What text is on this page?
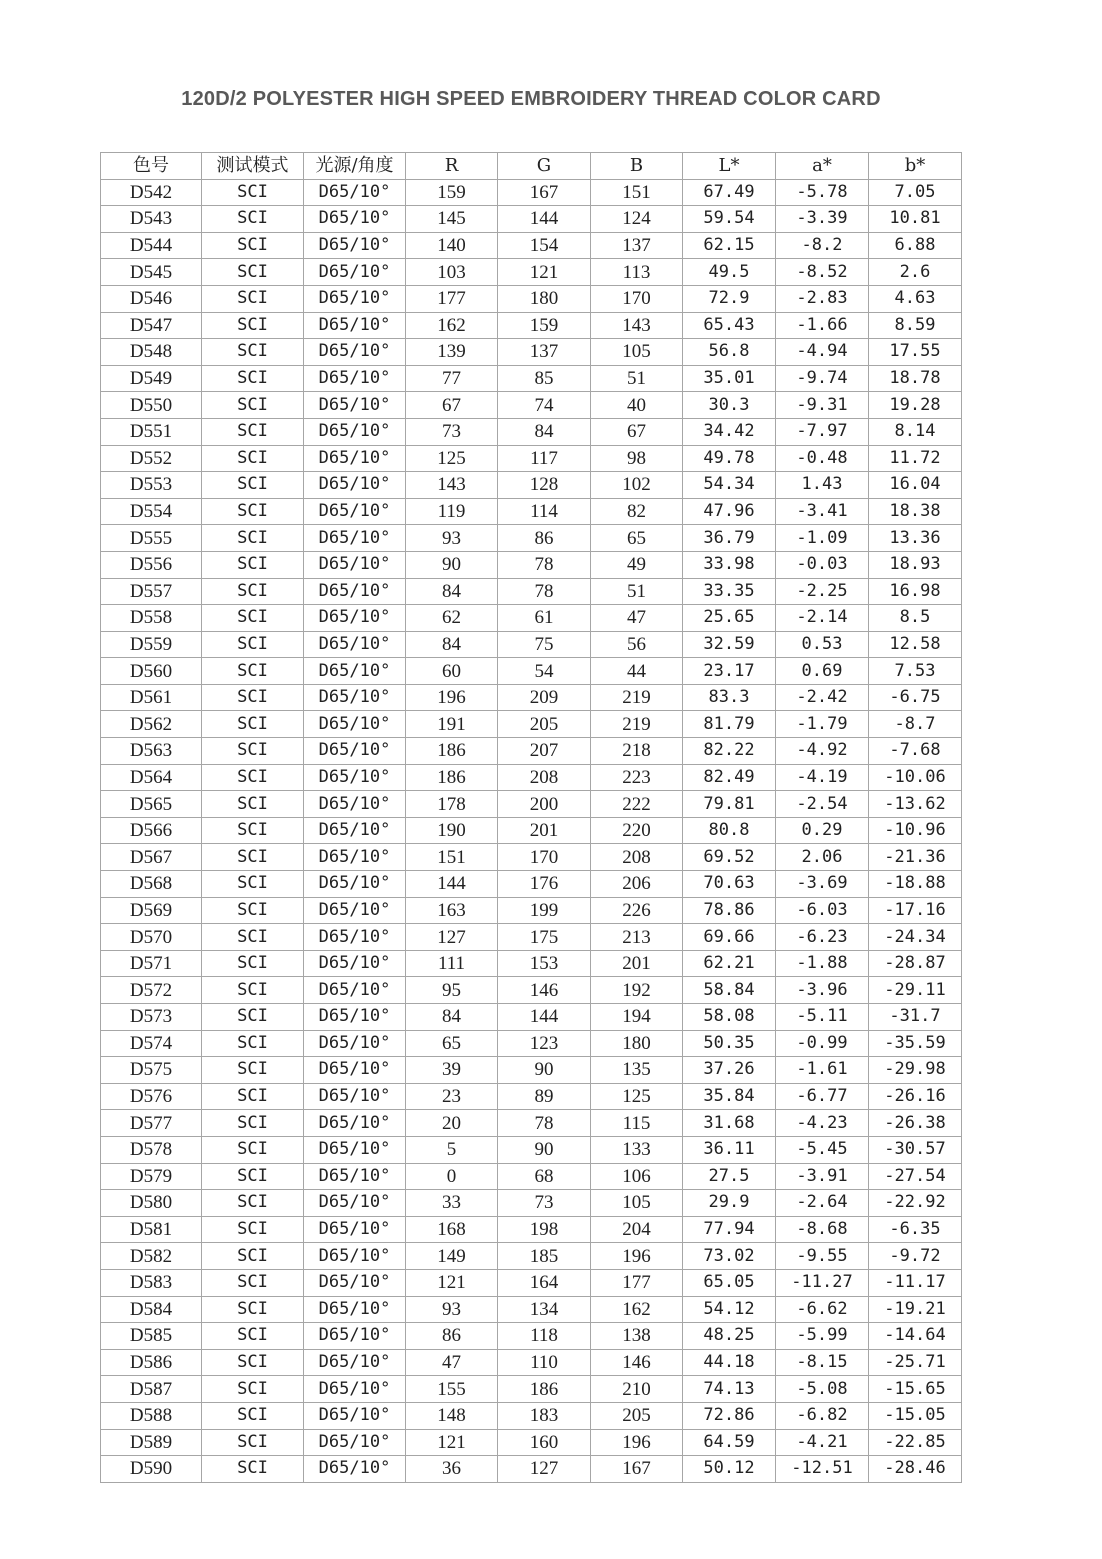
120D/2 POLYESTER HIGH SPEED EMBROIDERY THREAD COLOR CARD
色号	测试模式	光源/角度	R	G	B	L*	a*	b*
D542	SCI	D65/10°	159	167	151	67.49	-5.78	7.05
D543	SCI	D65/10°	145	144	124	59.54	-3.39	10.81
D544	SCI	D65/10°	140	154	137	62.15	-8.2	6.88
D545	SCI	D65/10°	103	121	113	49.5	-8.52	2.6
D546	SCI	D65/10°	177	180	170	72.9	-2.83	4.63
D547	SCI	D65/10°	162	159	143	65.43	-1.66	8.59
D548	SCI	D65/10°	139	137	105	56.8	-4.94	17.55
D549	SCI	D65/10°	77	85	51	35.01	-9.74	18.78
D550	SCI	D65/10°	67	74	40	30.3	-9.31	19.28
D551	SCI	D65/10°	73	84	67	34.42	-7.97	8.14
D552	SCI	D65/10°	125	117	98	49.78	-0.48	11.72
D553	SCI	D65/10°	143	128	102	54.34	1.43	16.04
D554	SCI	D65/10°	119	114	82	47.96	-3.41	18.38
D555	SCI	D65/10°	93	86	65	36.79	-1.09	13.36
D556	SCI	D65/10°	90	78	49	33.98	-0.03	18.93
D557	SCI	D65/10°	84	78	51	33.35	-2.25	16.98
D558	SCI	D65/10°	62	61	47	25.65	-2.14	8.5
D559	SCI	D65/10°	84	75	56	32.59	0.53	12.58
D560	SCI	D65/10°	60	54	44	23.17	0.69	7.53
D561	SCI	D65/10°	196	209	219	83.3	-2.42	-6.75
D562	SCI	D65/10°	191	205	219	81.79	-1.79	-8.7
D563	SCI	D65/10°	186	207	218	82.22	-4.92	-7.68
D564	SCI	D65/10°	186	208	223	82.49	-4.19	-10.06
D565	SCI	D65/10°	178	200	222	79.81	-2.54	-13.62
D566	SCI	D65/10°	190	201	220	80.8	0.29	-10.96
D567	SCI	D65/10°	151	170	208	69.52	2.06	-21.36
D568	SCI	D65/10°	144	176	206	70.63	-3.69	-18.88
D569	SCI	D65/10°	163	199	226	78.86	-6.03	-17.16
D570	SCI	D65/10°	127	175	213	69.66	-6.23	-24.34
D571	SCI	D65/10°	111	153	201	62.21	-1.88	-28.87
D572	SCI	D65/10°	95	146	192	58.84	-3.96	-29.11
D573	SCI	D65/10°	84	144	194	58.08	-5.11	-31.7
D574	SCI	D65/10°	65	123	180	50.35	-0.99	-35.59
D575	SCI	D65/10°	39	90	135	37.26	-1.61	-29.98
D576	SCI	D65/10°	23	89	125	35.84	-6.77	-26.16
D577	SCI	D65/10°	20	78	115	31.68	-4.23	-26.38
D578	SCI	D65/10°	5	90	133	36.11	-5.45	-30.57
D579	SCI	D65/10°	0	68	106	27.5	-3.91	-27.54
D580	SCI	D65/10°	33	73	105	29.9	-2.64	-22.92
D581	SCI	D65/10°	168	198	204	77.94	-8.68	-6.35
D582	SCI	D65/10°	149	185	196	73.02	-9.55	-9.72
D583	SCI	D65/10°	121	164	177	65.05	-11.27	-11.17
D584	SCI	D65/10°	93	134	162	54.12	-6.62	-19.21
D585	SCI	D65/10°	86	118	138	48.25	-5.99	-14.64
D586	SCI	D65/10°	47	110	146	44.18	-8.15	-25.71
D587	SCI	D65/10°	155	186	210	74.13	-5.08	-15.65
D588	SCI	D65/10°	148	183	205	72.86	-6.82	-15.05
D589	SCI	D65/10°	121	160	196	64.59	-4.21	-22.85
D590	SCI	D65/10°	36	127	167	50.12	-12.51	-28.46
